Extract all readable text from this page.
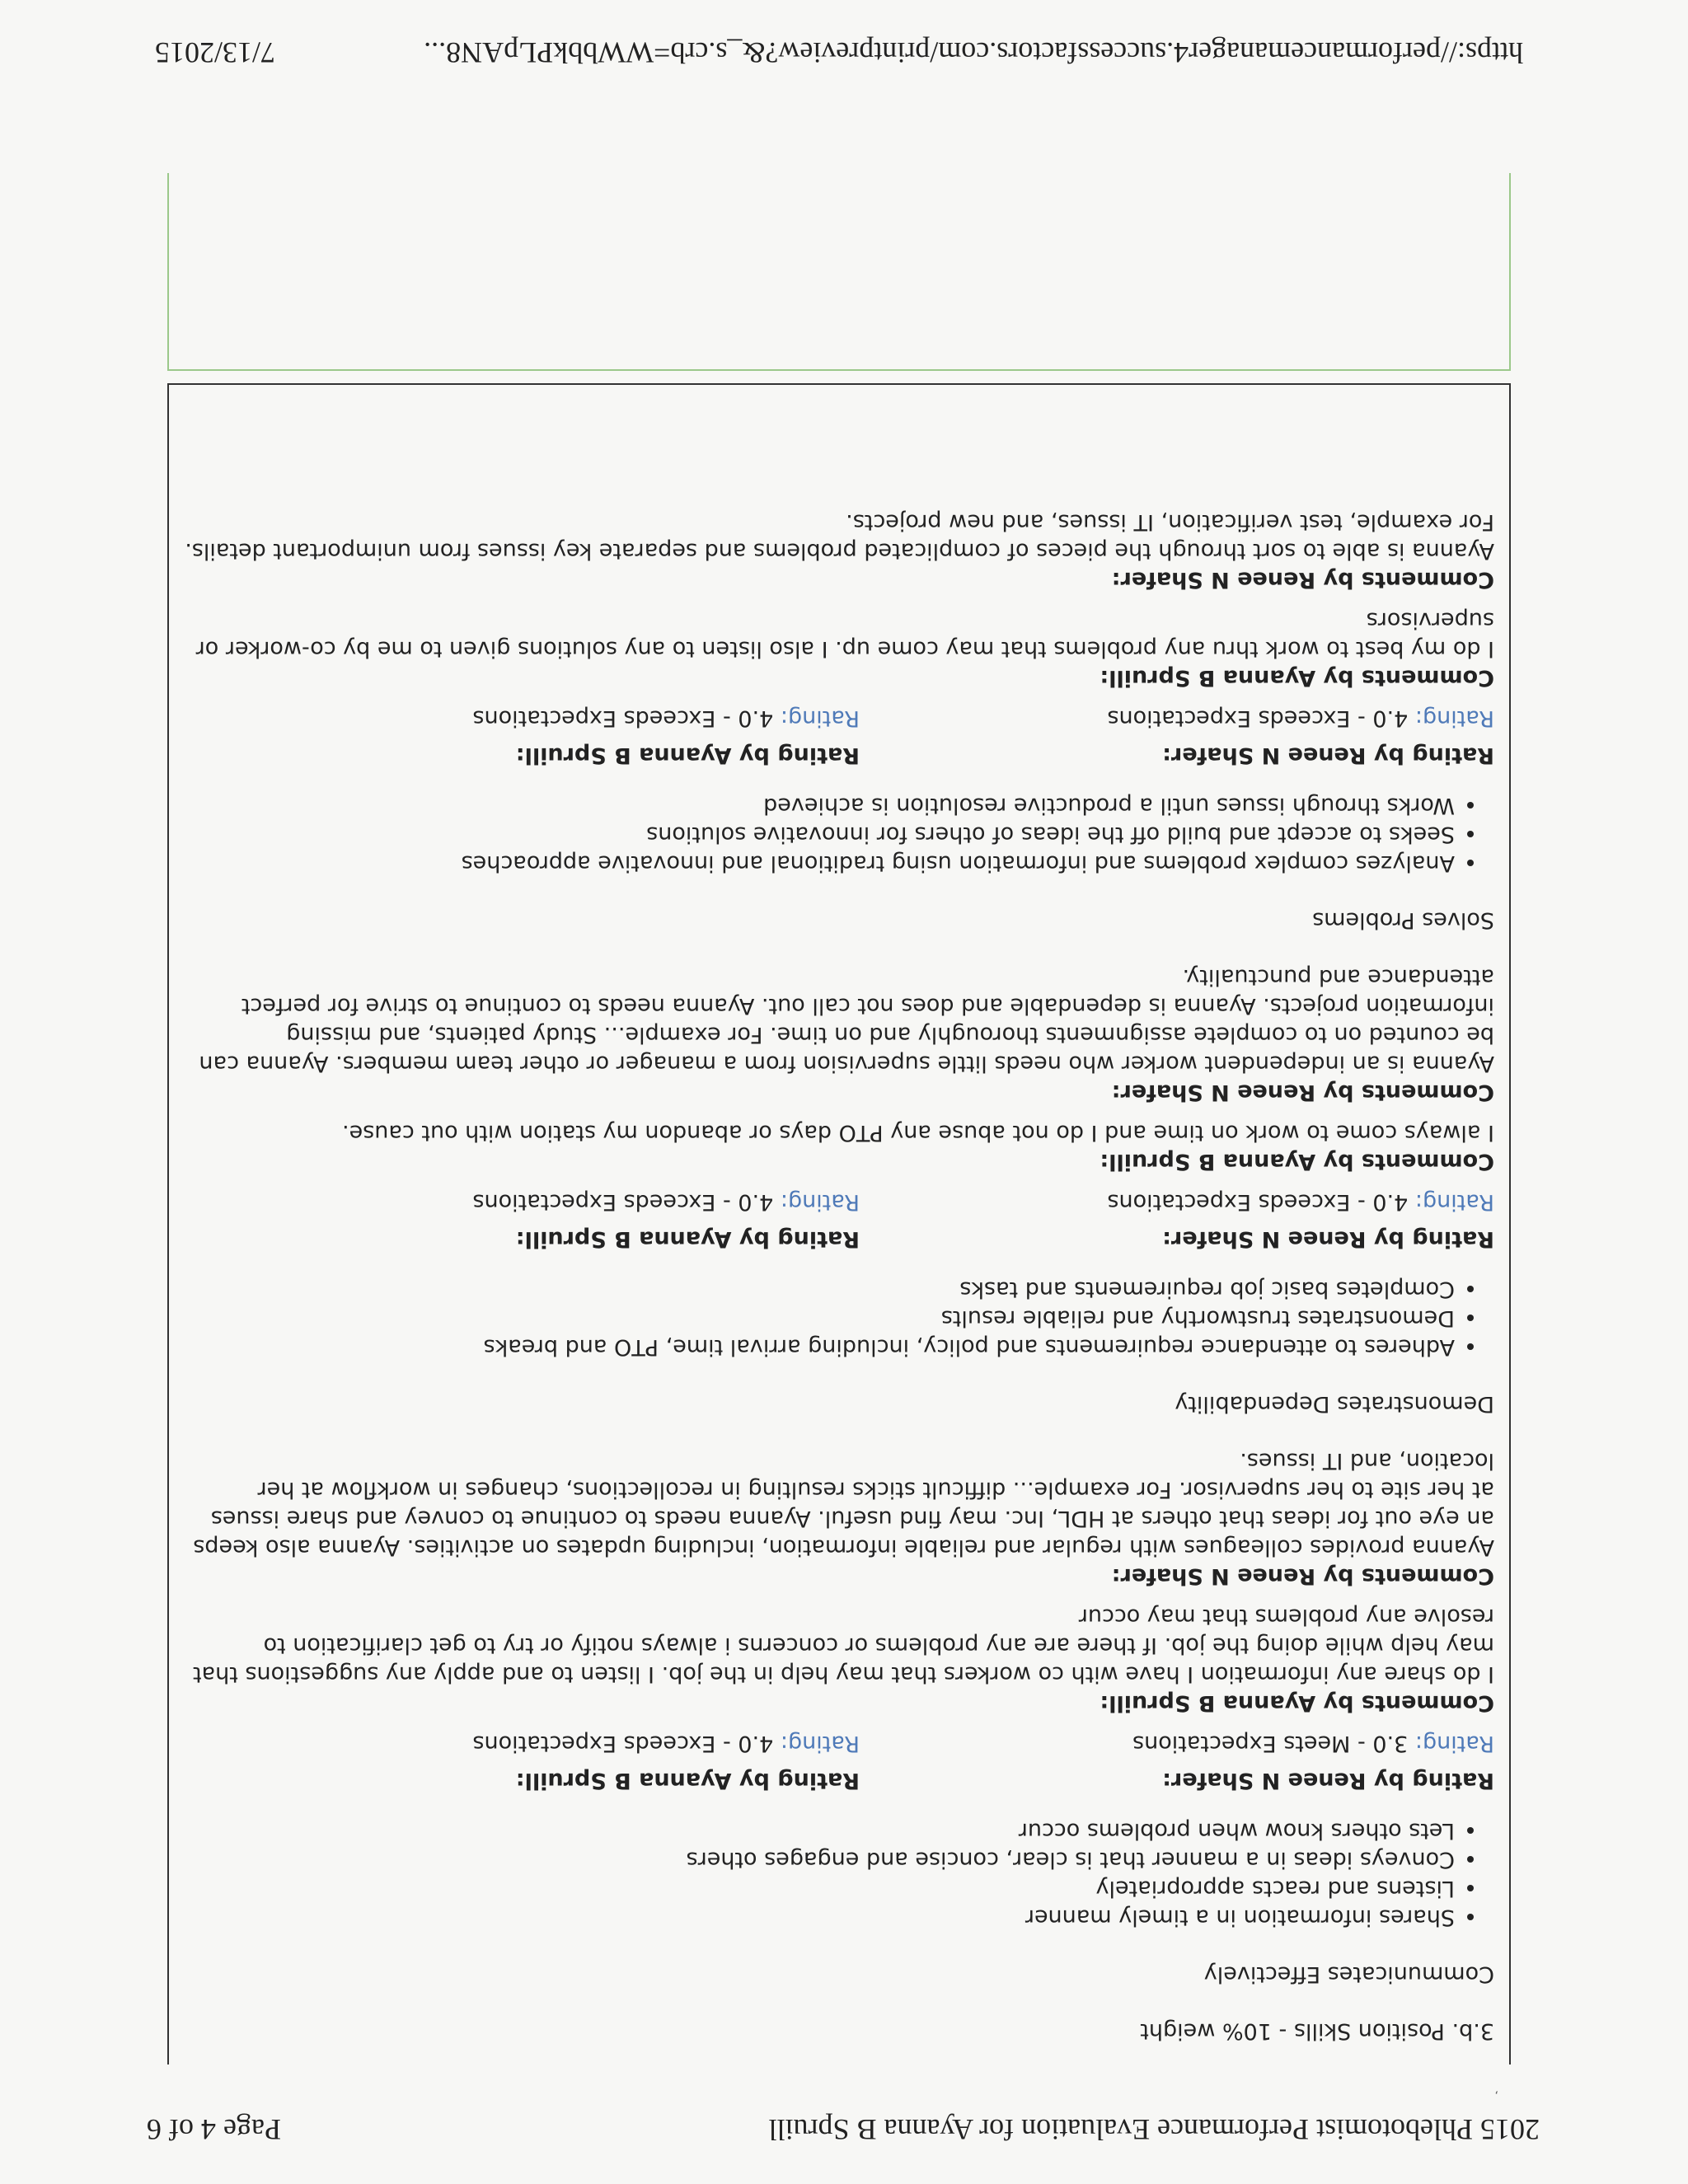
2015 Phlebotomist Performance Evaluation for Ayanna B Spruill
Page 4 of 6
’
3.b. Position Skills - 10% weight
Communicates Effectively
• Shares information in a timely manner
• Listens and reacts appropriately
• Conveys ideas in a manner that is clear, concise and engages others
• Lets others know when problems occur
Rating by Renee N Shafer:
Rating: 3.0 - Meets Expectations
Rating by Ayanna B Spruill:
Rating: 4.0 - Exceeds Expectations
Comments by Ayanna B Spruill:
I do share any information I have with co workers that may help in the job. I listen to and apply any suggestions that may help while doing the job. If there are any problems or concerns i always notify or try to get clarification to resolve any problems that may occur
Comments by Renee N Shafer:
Ayanna provides colleagues with regular and reliable information, including updates on activities. Ayanna also keeps an eye out for ideas that others at HDL, Inc. may find useful. Ayanna needs to continue to convey and share issues at her site to her supervisor. For example... difficult sticks resulting in recollections, changes in workflow at her location, and IT issues.
Demonstrates Dependability
• Adheres to attendance requirements and policy, including arrival time, PTO and breaks
• Demonstrates trustworthy and reliable results
• Completes basic job requirements and tasks
Rating by Renee N Shafer:
Rating: 4.0 - Exceeds Expectations
Rating by Ayanna B Spruill:
Rating: 4.0 - Exceeds Expectations
Comments by Ayanna B Spruill:
I always come to work on time and I do not abuse any PTO days or abandon my station with out cause.
Comments by Renee N Shafer:
Ayanna is an independent worker who needs little supervision from a manager or other team members. Ayanna can be counted on to complete assignments thoroughly and on time. For example... Study patients, and missing information projects. Ayanna is dependable and does not call out. Ayanna needs to continue to strive for perfect attendance and punctuality.
Solves Problems
• Analyzes complex problems and information using traditional and innovative approaches
• Seeks to accept and build off the ideas of others for innovative solutions
• Works through issues until a productive resolution is achieved
Rating by Renee N Shafer:
Rating: 4.0 - Exceeds Expectations
Rating by Ayanna B Spruill:
Rating: 4.0 - Exceeds Expectations
Comments by Ayanna B Spruill:
I do my best to work thru any problems that may come up. I also listen to any solutions given to me by co-worker or supervisors
Comments by Renee N Shafer:
Ayanna is able to sort through the pieces of complicated problems and separate key issues from unimportant details. For example, test verification, IT issues, and new projects.
https://performancemanager4.successfactors.com/printpreview?&_s.crb=WWbbkPLpAN8...
7/13/2015
